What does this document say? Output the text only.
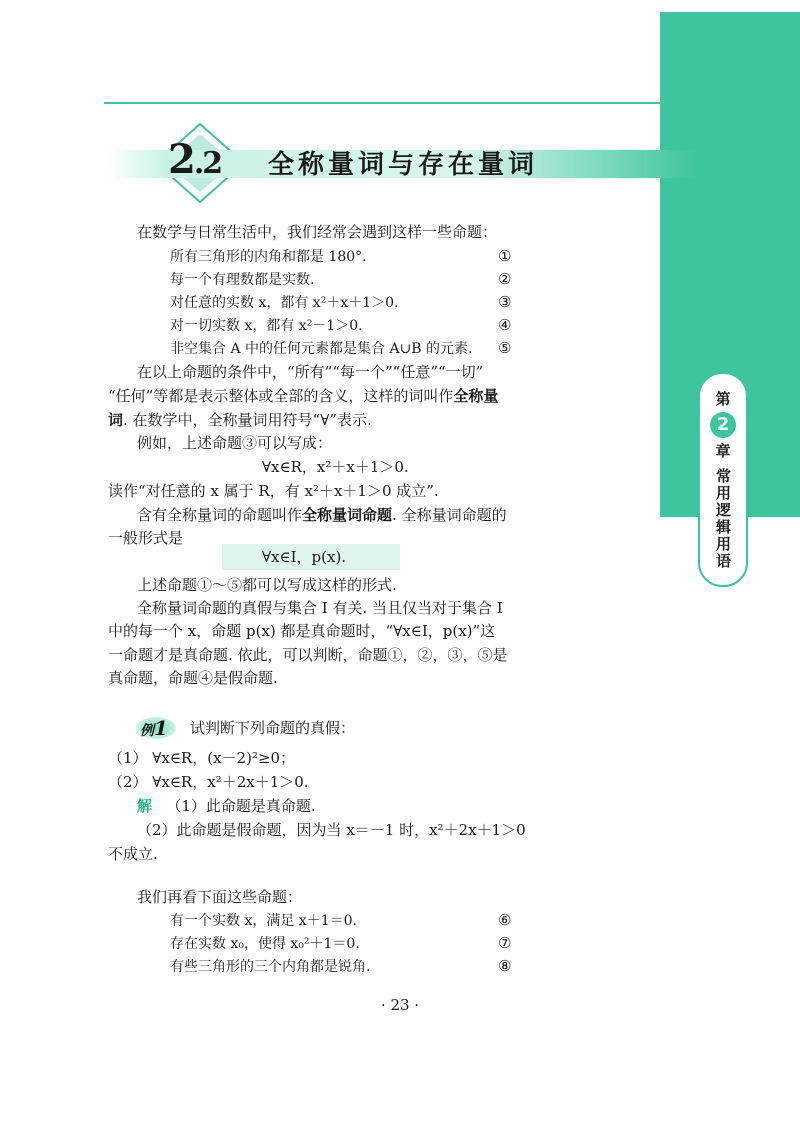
2.2 全称量词与存在量词
第
2
章
常用逻辑用语
在数学与日常生活中，我们经常会遇到这样一些命题：
所有三角形的内角和都是 180°.	①
每一个有理数都是实数.	②
对任意的实数 x，都有 x²＋x＋1＞0.	③
对一切实数 x，都有 x²－1＞0.	④
非空集合 A 中的任何元素都是集合 A∪B 的元素. ⑤
在以上命题的条件中，“所有”“每一个”“任意”“一切”
“任何”等都是表示整体或全部的含义，这样的词叫作全称量
词. 在数学中，全称量词用符号“∀”表示.
例如，上述命题③可以写成：
∀x∈R，x²＋x＋1＞0.
读作“对任意的 x 属于 R，有 x²＋x＋1＞0 成立”.
含有全称量词的命题叫作全称量词命题. 全称量词命题的
一般形式是
∀x∈I，p(x).
上述命题①～⑤都可以写成这样的形式.
全称量词命题的真假与集合 I 有关. 当且仅当对于集合 I
中的每一个 x，命题 p(x) 都是真命题时，“∀x∈I，p(x)”这
一命题才是真命题. 依此，可以判断，命题①，②，③，⑤是
真命题，命题④是假命题.
例1 试判断下列命题的真假：
（1） ∀x∈R，(x－2)²≥0；
（2） ∀x∈R，x²＋2x＋1＞0.
解 （1）此命题是真命题.
（2）此命题是假命题，因为当 x＝－1 时，x²＋2x＋1＞0
不成立.
我们再看下面这些命题：
有一个实数 x，满足 x＋1＝0.	⑥
存在实数 x₀，使得 x₀²＋1＝0.	⑦
有些三角形的三个内角都是锐角.	⑧
· 23 ·
